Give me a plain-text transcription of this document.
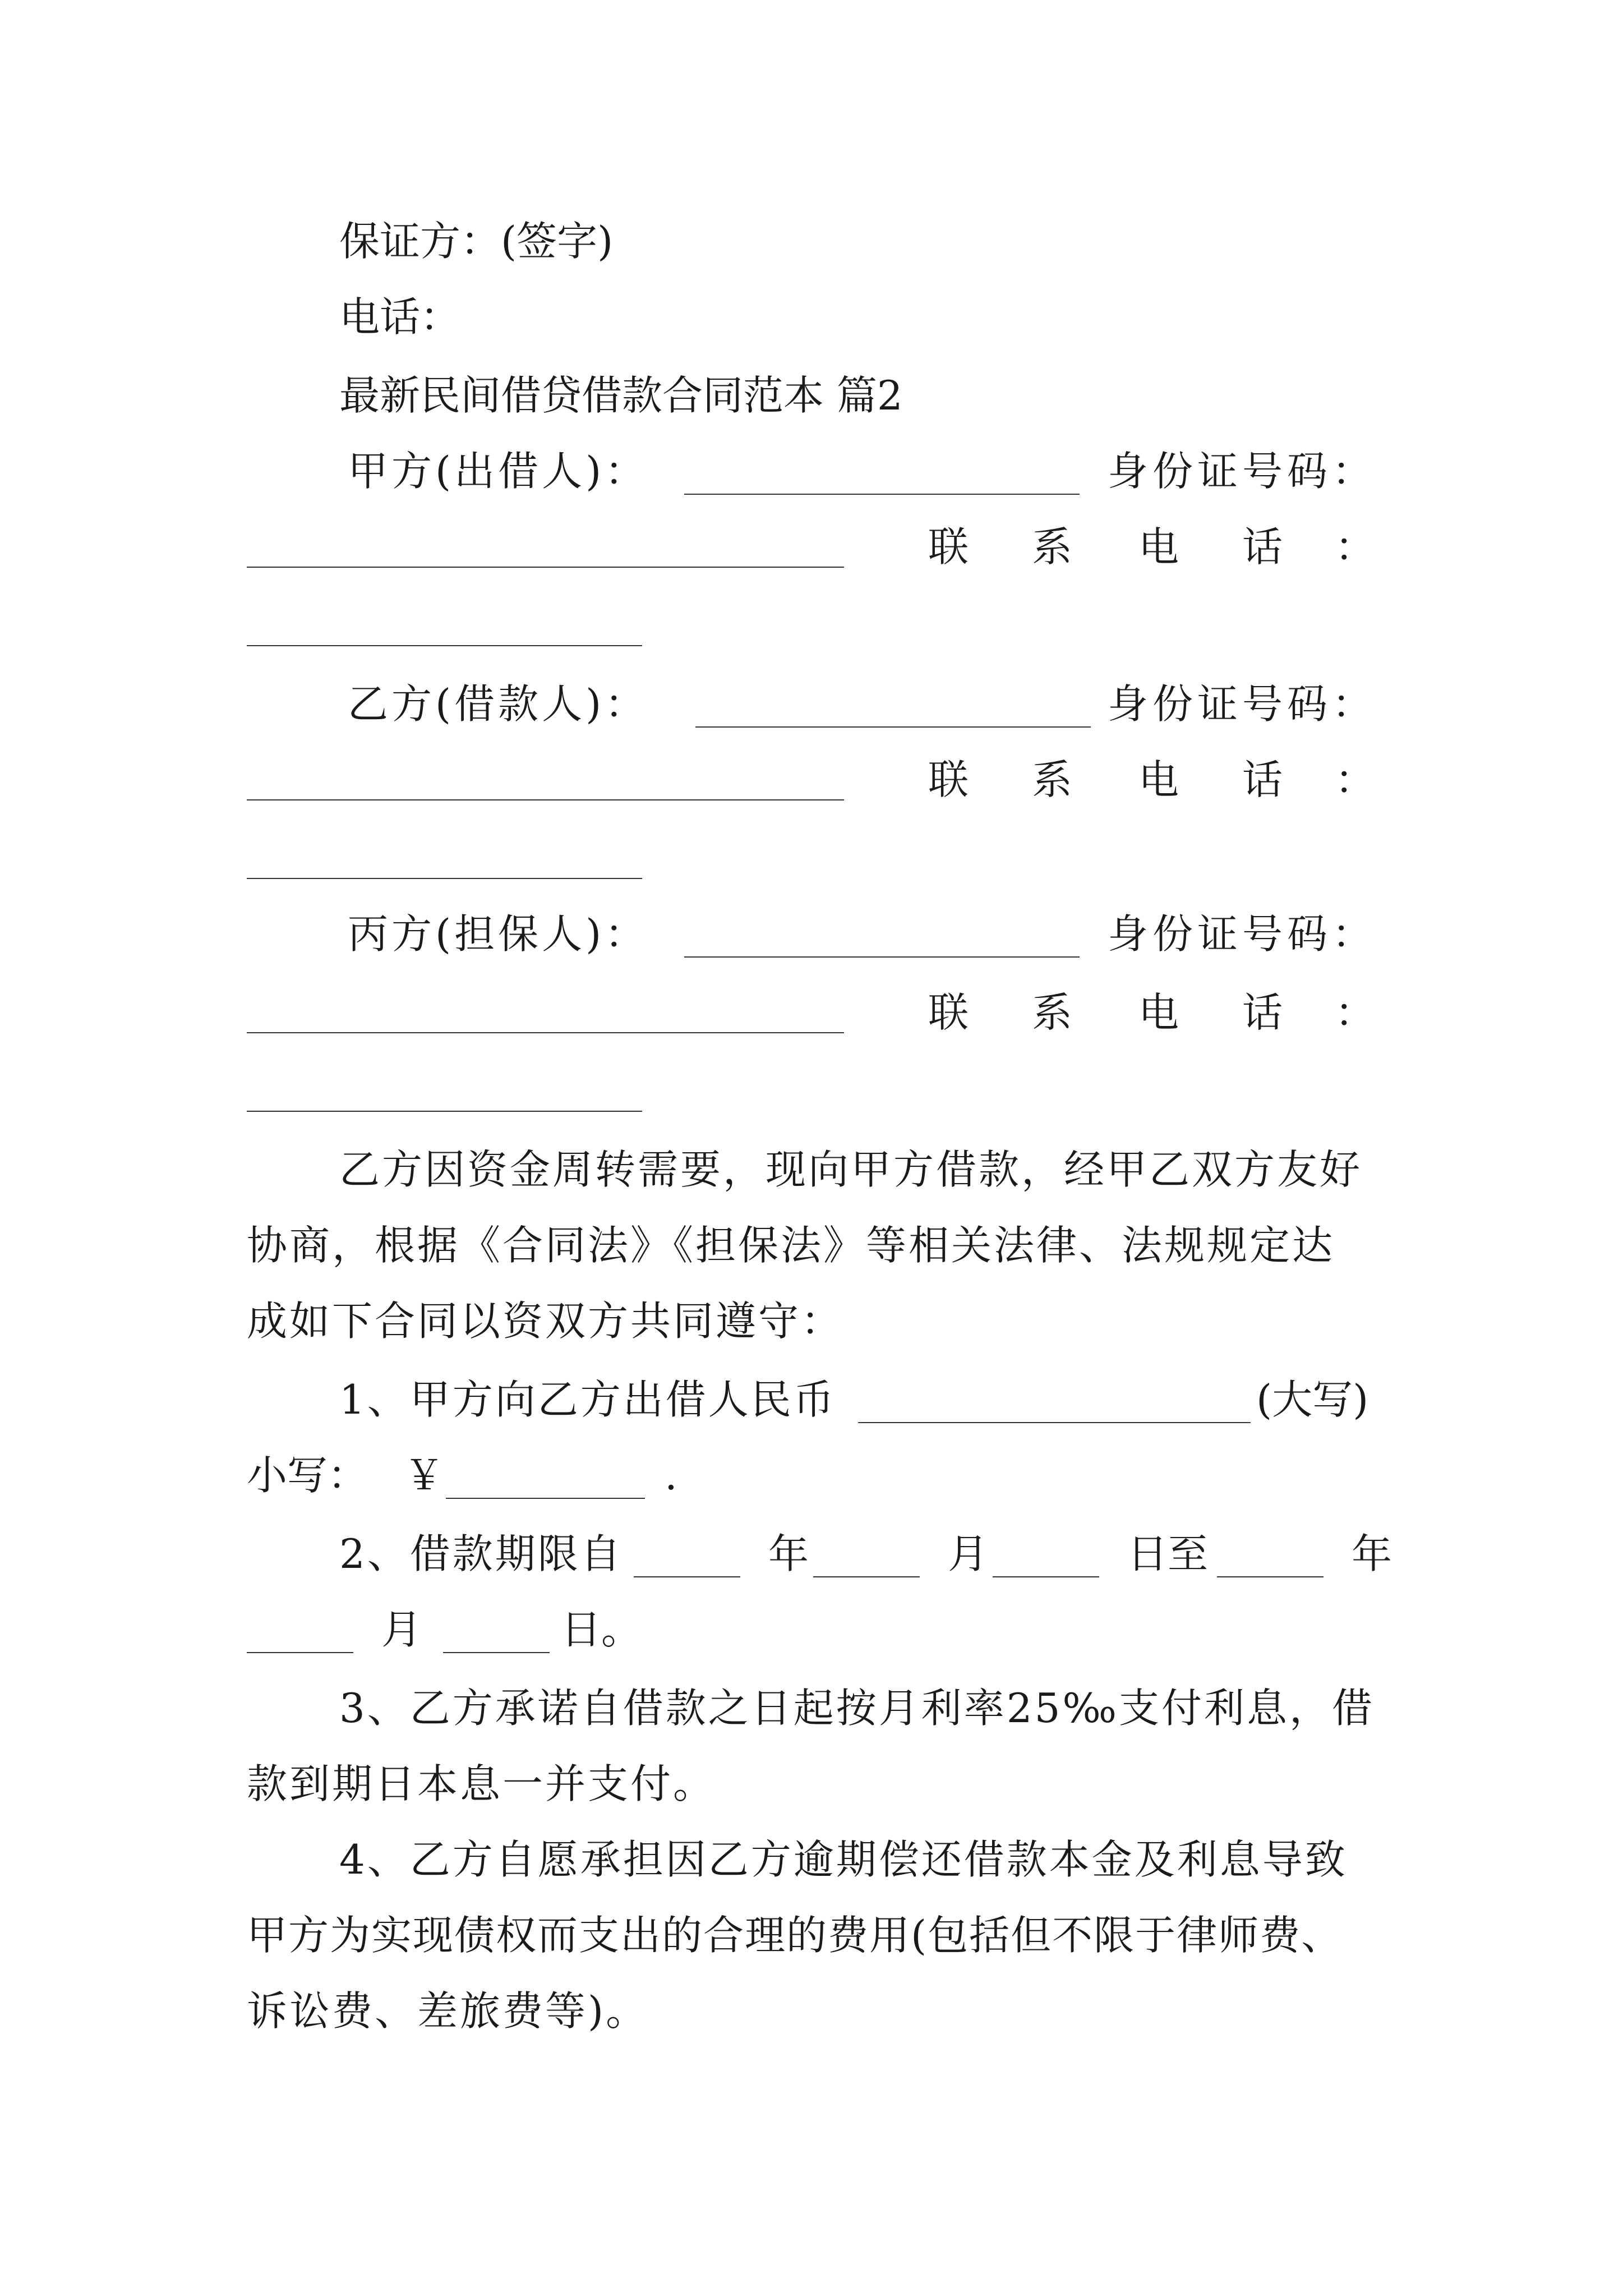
保证方：(签字)
电话：
最新民间借贷借款合同范本 篇2
甲方(出借人)：	身份证号码：
联 系 电 话 ：
乙方(借款人)：	身份证号码：
联 系 电 话 ：
丙方(担保人)：	身份证号码：
联 系 电 话 ：
乙方因资金周转需要，现向甲方借款，经甲乙双方友好
协商，根据《合同法》《担保法》等相关法律、法规规定达
成如下合同以资双方共同遵守：
1、甲方向乙方出借人民币	(大写)
小写： ￥	.
2、借款期限自	年	月	日至	年
月	日。
3、乙方承诺自借款之日起按月利率25‰支付利息，借
款到期日本息一并支付。
4、乙方自愿承担因乙方逾期偿还借款本金及利息导致
甲方为实现债权而支出的合理的费用(包括但不限于律师费、
诉讼费、差旅费等)。
